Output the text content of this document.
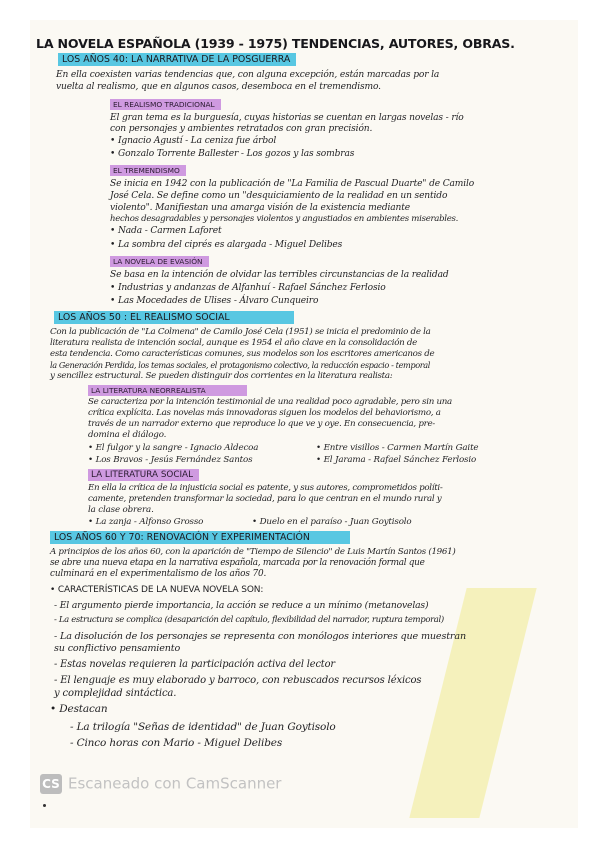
LA NOVELA ESPAÑOLA (1939 - 1975) TENDENCIAS, AUTORES, OBRAS.
LOS AÑOS 40: LA NARRATIVA DE LA POSGUERRA
En ella coexisten varias tendencias que, con alguna excepción, están marcadas por la
vuelta al realismo, que en algunos casos, desemboca en el tremendismo.
EL REALISMO TRADICIONAL
El gran tema es la burguesía, cuyas historias se cuentan en largas novelas - río
con personajes y ambientes retratados con gran precisión.
• Ignacio Agustí - La ceniza fue árbol
• Gonzalo Torrente Ballester - Los gozos y las sombras
EL TREMENDISMO
Se inicia en 1942 con la publicación de "La Familia de Pascual Duarte" de Camilo
José Cela. Se define como un "desquiciamiento de la realidad en un sentido
violento". Manifiestan una amarga visión de la existencia mediante
hechos desagradables y personajes violentos y angustiados en ambientes miserables.
• Nada - Carmen Laforet
• La sombra del ciprés es alargada - Miguel Delibes
LA NOVELA DE EVASIÓN
Se basa en la intención de olvidar las terribles circunstancias de la realidad
• Industrias y andanzas de Alfanhuí - Rafael Sánchez Ferlosio
• Las Mocedades de Ulises - Álvaro Cunqueiro
LOS AÑOS 50 : EL REALISMO SOCIAL
Con la publicación de "La Colmena" de Camilo José Cela (1951) se inicia el predominio de la
literatura realista de intención social, aunque es 1954 el año clave en la consolidación de
esta tendencia. Como características comunes, sus modelos son los escritores americanos de
la Generación Perdida, los temas sociales, el protagonismo colectivo, la reducción espacio - temporal
y sencillez estructural. Se pueden distinguir dos corrientes en la literatura realista:
LA LITERATURA NEORREALISTA
Se caracteriza por la intención testimonial de una realidad poco agradable, pero sin una
crítica explícita. Las novelas más innovadoras siguen los modelos del behaviorismo, a
través de un narrador externo que reproduce lo que ve y oye. En consecuencia, pre-
domina el diálogo.
• El fulgor y la sangre - Ignacio Aldecoa
• Los Bravos - Jesús Fernández Santos
• Entre visillos - Carmen Martín Gaite
• El Jarama - Rafael Sánchez Ferlosio
LA LITERATURA SOCIAL
En ella la crítica de la injusticia social es patente, y sus autores, comprometidos políti-
camente, pretenden transformar la sociedad, para lo que centran en el mundo rural y
la clase obrera.
• La zanja - Alfonso Grosso	• Duelo en el paraíso - Juan Goytisolo
LOS AÑOS 60 Y 70: RENOVACIÓN Y EXPERIMENTACIÓN
A principios de los años 60, con la aparición de "Tiempo de Silencio" de Luis Martín Santos (1961)
se abre una nueva etapa en la narrativa española, marcada por la renovación formal que
culminará en el experimentalismo de los años 70.
• CARACTERÍSTICAS DE LA NUEVA NOVELA SON:
- El argumento pierde importancia, la acción se reduce a un mínimo (metanovelas)
- La estructura se complica (desaparición del capítulo, flexibilidad del narrador, ruptura temporal)
- La disolución de los personajes se representa con monólogos interiores que muestran
su conflictivo pensamiento
- Estas novelas requieren la participación activa del lector
- El lenguaje es muy elaborado y barroco, con rebuscados recursos léxicos
y complejidad sintáctica.
• Destacan
- La trilogía "Señas de identidad" de Juan Goytisolo
- Cinco horas con Mario - Miguel Delibes
CS Escaneado con CamScanner
